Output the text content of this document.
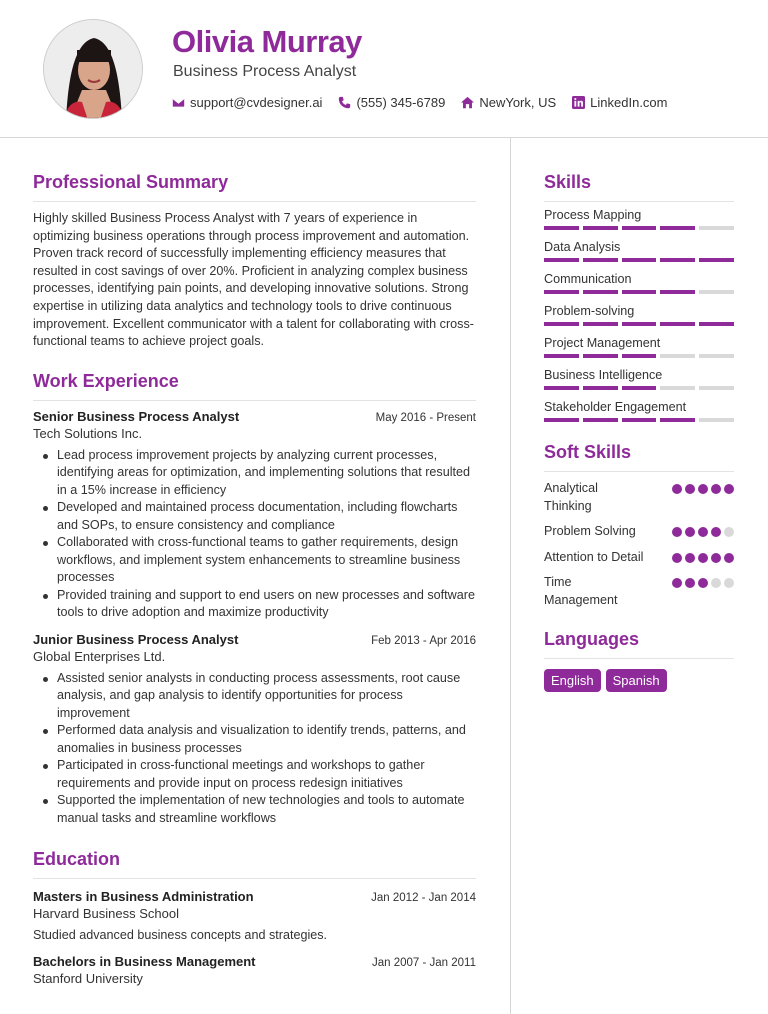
Olivia Murray
Business Process Analyst
support@cvdesigner.ai	(555) 345-6789	NewYork, US	LinkedIn.com
Professional Summary

Highly skilled Business Process Analyst with 7 years of experience in optimizing business operations through process improvement and automation. Proven track record of successfully implementing efficiency measures that resulted in cost savings of over 20%. Proficient in analyzing complex business processes, identifying pain points, and developing innovative solutions. Strong expertise in utilizing data analytics and technology tools to drive continuous improvement. Excellent communicator with a talent for collaborating with cross-functional teams to achieve project goals.

Work Experience
Senior Business Process Analyst	May 2016 - Present
Tech Solutions Inc.
Lead process improvement projects by analyzing current processes, identifying areas for optimization, and implementing solutions that resulted in a 15% increase in efficiency
Developed and maintained process documentation, including flowcharts and SOPs, to ensure consistency and compliance
Collaborated with cross-functional teams to gather requirements, design workflows, and implement system enhancements to streamline business processes
Provided training and support to end users on new processes and software tools to drive adoption and maximize productivity
Junior Business Process Analyst	Feb 2013 - Apr 2016
Global Enterprises Ltd.
Assisted senior analysts in conducting process assessments, root cause analysis, and gap analysis to identify opportunities for process improvement
Performed data analysis and visualization to identify trends, patterns, and anomalies in business processes
Participated in cross-functional meetings and workshops to gather requirements and provide input on process redesign initiatives
Supported the implementation of new technologies and tools to automate manual tasks and streamline workflows
Education
Masters in Business Administration	Jan 2012 - Jan 2014
Harvard Business School

Studied advanced business concepts and strategies.

Bachelors in Business Management	Jan 2007 - Jan 2011
Stanford University
Skills
Process Mapping
Data Analysis
Communication
Problem-solving
Project Management
Business Intelligence
Stakeholder Engagement
Soft Skills
Analytical Thinking
Problem Solving
Attention to Detail
Time Management
Languages
English	Spanish
